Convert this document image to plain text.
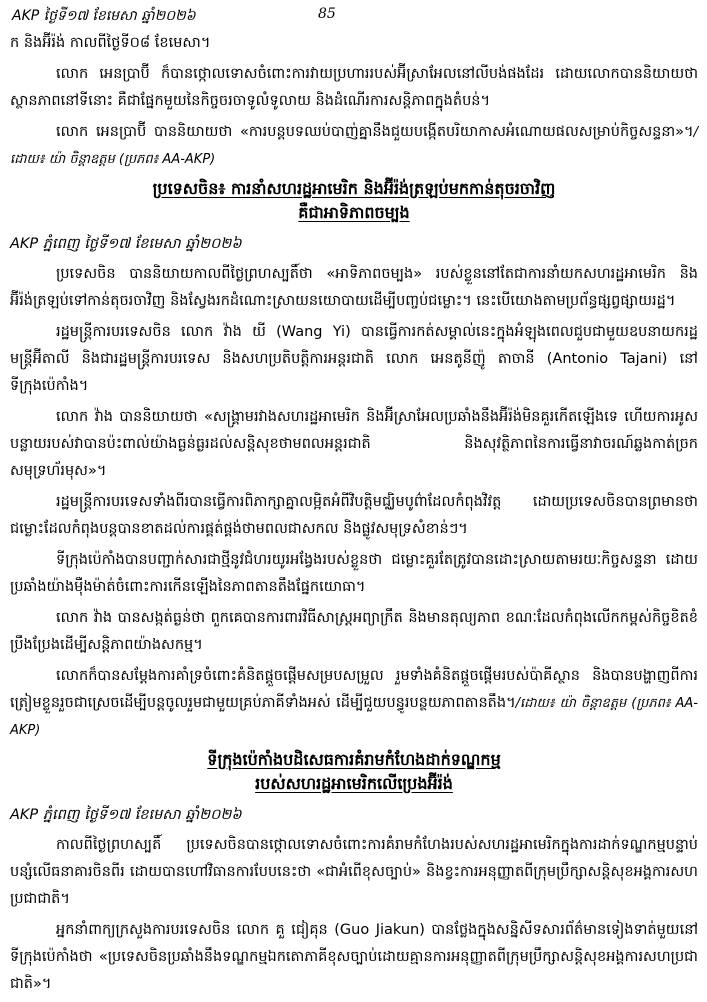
AKP ថ្ងៃទី១៧ ខែមេសា ឆ្នាំ២០២៦	85

ក និងអ៊ីរ៉ង់ កាលពីថ្ងៃទី០៨ ខែមេសា។

លោក អេនប្រាប៊ី ក៏បានថ្កោលទោសចំពោះការវាយប្រហាររបស់អ៊ីស្រាអែលនៅលីបង់ផងដែរ ដោយលោកបាននិយាយថា ស្ថានភាពនៅទីនោះ គឺជាផ្នែកមួយនៃកិច្ចចរចាទូលំទូលាយ និងដំណើរការសន្តិភាពក្នុងតំបន់។

លោក អេនប្រាប៊ី បាននិយាយថា «ការបន្តបទឈប់បាញ់គ្នានឹងជួយបង្កើតបរិយាកាសអំណោយផលសម្រាប់កិច្ចសន្ទនា»។/ដោយ៖ យ៉ា ចិន្តាឧត្តម (ប្រភព៖ AA-AKP)

ប្រទេសចិន៖ ការនាំសហរដ្ឋអាមេរិក និងអ៊ីរ៉ង់ត្រឡប់មកកាន់តុចរចាវិញ
គឺជាអាទិភាពចម្បង
AKP ភ្នំពេញ ថ្ងៃទី១៧ ខែមេសា ឆ្នាំ២០២៦

ប្រទេសចិន បាននិយាយកាលពីថ្ងៃព្រហស្បតិ៍ថា «អាទិភាពចម្បង» របស់ខ្លួននៅតែជាការនាំយកសហរដ្ឋអាមេរិក និងអ៊ីរ៉ង់ត្រឡប់ទៅកាន់តុចរចាវិញ និងស្វែងរកដំណោះស្រាយនយោបាយដើម្បីបញ្ចប់ជម្លោះ។ នេះបើយោងតាមប្រព័ន្ធផ្សព្វផ្សាយរដ្ឋ។

រដ្ឋមន្ត្រីការបរទេសចិន លោក វ៉ាង យី (Wang Yi) បានធ្វើការកត់សម្គាល់នេះក្នុងអំឡុងពេលជួបជាមួយឧបនាយករដ្ឋមន្ត្រីអ៊ីតាលី និងជារដ្ឋមន្ត្រីការបរទេស និងសហប្រតិបត្តិការអន្តរជាតិ លោក អេនតូនីញ៉ូ តាចានី (Antonio Tajani) នៅទីក្រុងប៉េកាំង។

លោក វ៉ាង បាននិយាយថា «សង្គ្រាមរវាងសហរដ្ឋអាមេរិក និងអ៊ីស្រាអែលប្រឆាំងនឹងអ៊ីរ៉ង់មិនគួរកើតឡើងទេ ហើយការអូសបន្លាយរបស់វាបានប៉ះពាល់យ៉ាងធ្ងន់ធ្ងរដល់សន្តិសុខថាមពលអន្តរជាតិ និងសុវត្ថិភាពនៃការធ្វើនាវាចរណ៍ឆ្លងកាត់ច្រកសមុទ្រហ័រមុស»។

រដ្ឋមន្ត្រីការបរទេសទាំងពីរបានធ្វើការពិភាក្សាគ្នាលម្អិតអំពីវិបត្តិមជ្ឈិមបូព៌ាដែលកំពុងវិវត្ត ដោយប្រទេសចិនបានព្រមានថា ជម្លោះដែលកំពុងបន្តបានខាតដល់ការផ្គត់ផ្គង់ថាមពលជាសកល និងផ្លូវសមុទ្រសំខាន់ៗ។

ទីក្រុងប៉េកាំងបានបញ្ជាក់សារជាថ្មីនូវជំហរយូរអង្វែងរបស់ខ្លួនថា ជម្លោះគួរតែត្រូវបានដោះស្រាយតាមរយៈកិច្ចសន្ទនា ដោយប្រឆាំងយ៉ាងម៉ឺងម៉ាត់ចំពោះការកើនឡើងនៃភាពតានតឹងផ្នែកយោធា។

លោក វ៉ាង បានសង្កត់ធ្ងន់ថា ពួកគេបានការពារវិធីសាស្ត្រអព្យាក្រឹត និងមានតុល្យភាព ខណៈដែលកំពុងលើកកម្ពស់កិច្ចខិតខំប្រឹងប្រែងដើម្បីសន្តិភាពយ៉ាងសកម្ម។

លោកក៏បានសម្តែងការគាំទ្រចំពោះគំនិតផ្តួចផ្តើមសម្របសម្រួល រួមទាំងគំនិតផ្តួចផ្តើមរបស់ប៉ាគីស្ថាន និងបានបង្ហាញពីការត្រៀមខ្លួនរួចជាស្រេចដើម្បីបន្តចូលរួមជាមួយគ្រប់ភាគីទាំងអស់ ដើម្បីជួយបន្ធូរបន្ថយភាពតានតឹង។/ដោយ៖ យ៉ា ចិន្តាឧត្តម (ប្រភព៖ AA-AKP)

ទីក្រុងប៉េកាំងបដិសេធការគំរាមកំហែងដាក់ទណ្ឌកម្ម
របស់សហរដ្ឋអាមេរិកលើប្រេងអ៊ីរ៉ង់
AKP ភ្នំពេញ ថ្ងៃទី១៧ ខែមេសា ឆ្នាំ២០២៦

កាលពីថ្ងៃព្រហស្បតិ៍ ប្រទេសចិនបានថ្កោលទោសចំពោះការគំរាមកំហែងរបស់សហរដ្ឋអាមេរិកក្នុងការដាក់ទណ្ឌកម្មបន្ទាប់បន្សំលើធនាគារចិនពីរ ដោយបានហៅវិធានការបែបនេះថា «ជាអំពើខុសច្បាប់» និងខ្វះការអនុញ្ញាតពីក្រុមប្រឹក្សាសន្តិសុខអង្គការសហប្រជាជាតិ។

អ្នកនាំពាក្យក្រសួងការបរទេសចិន លោក គួ ជៀគុន (Guo Jiakun) បានថ្លែងក្នុងសន្និសីទសារព័ត៌មានទៀងទាត់មួយនៅទីក្រុងប៉េកាំងថា «ប្រទេសចិនប្រឆាំងនឹងទណ្ឌកម្មឯកតោភាគីខុសច្បាប់ដោយគ្មានការអនុញ្ញាតពីក្រុមប្រឹក្សាសន្តិសុខអង្គការសហប្រជាជាតិ»។
